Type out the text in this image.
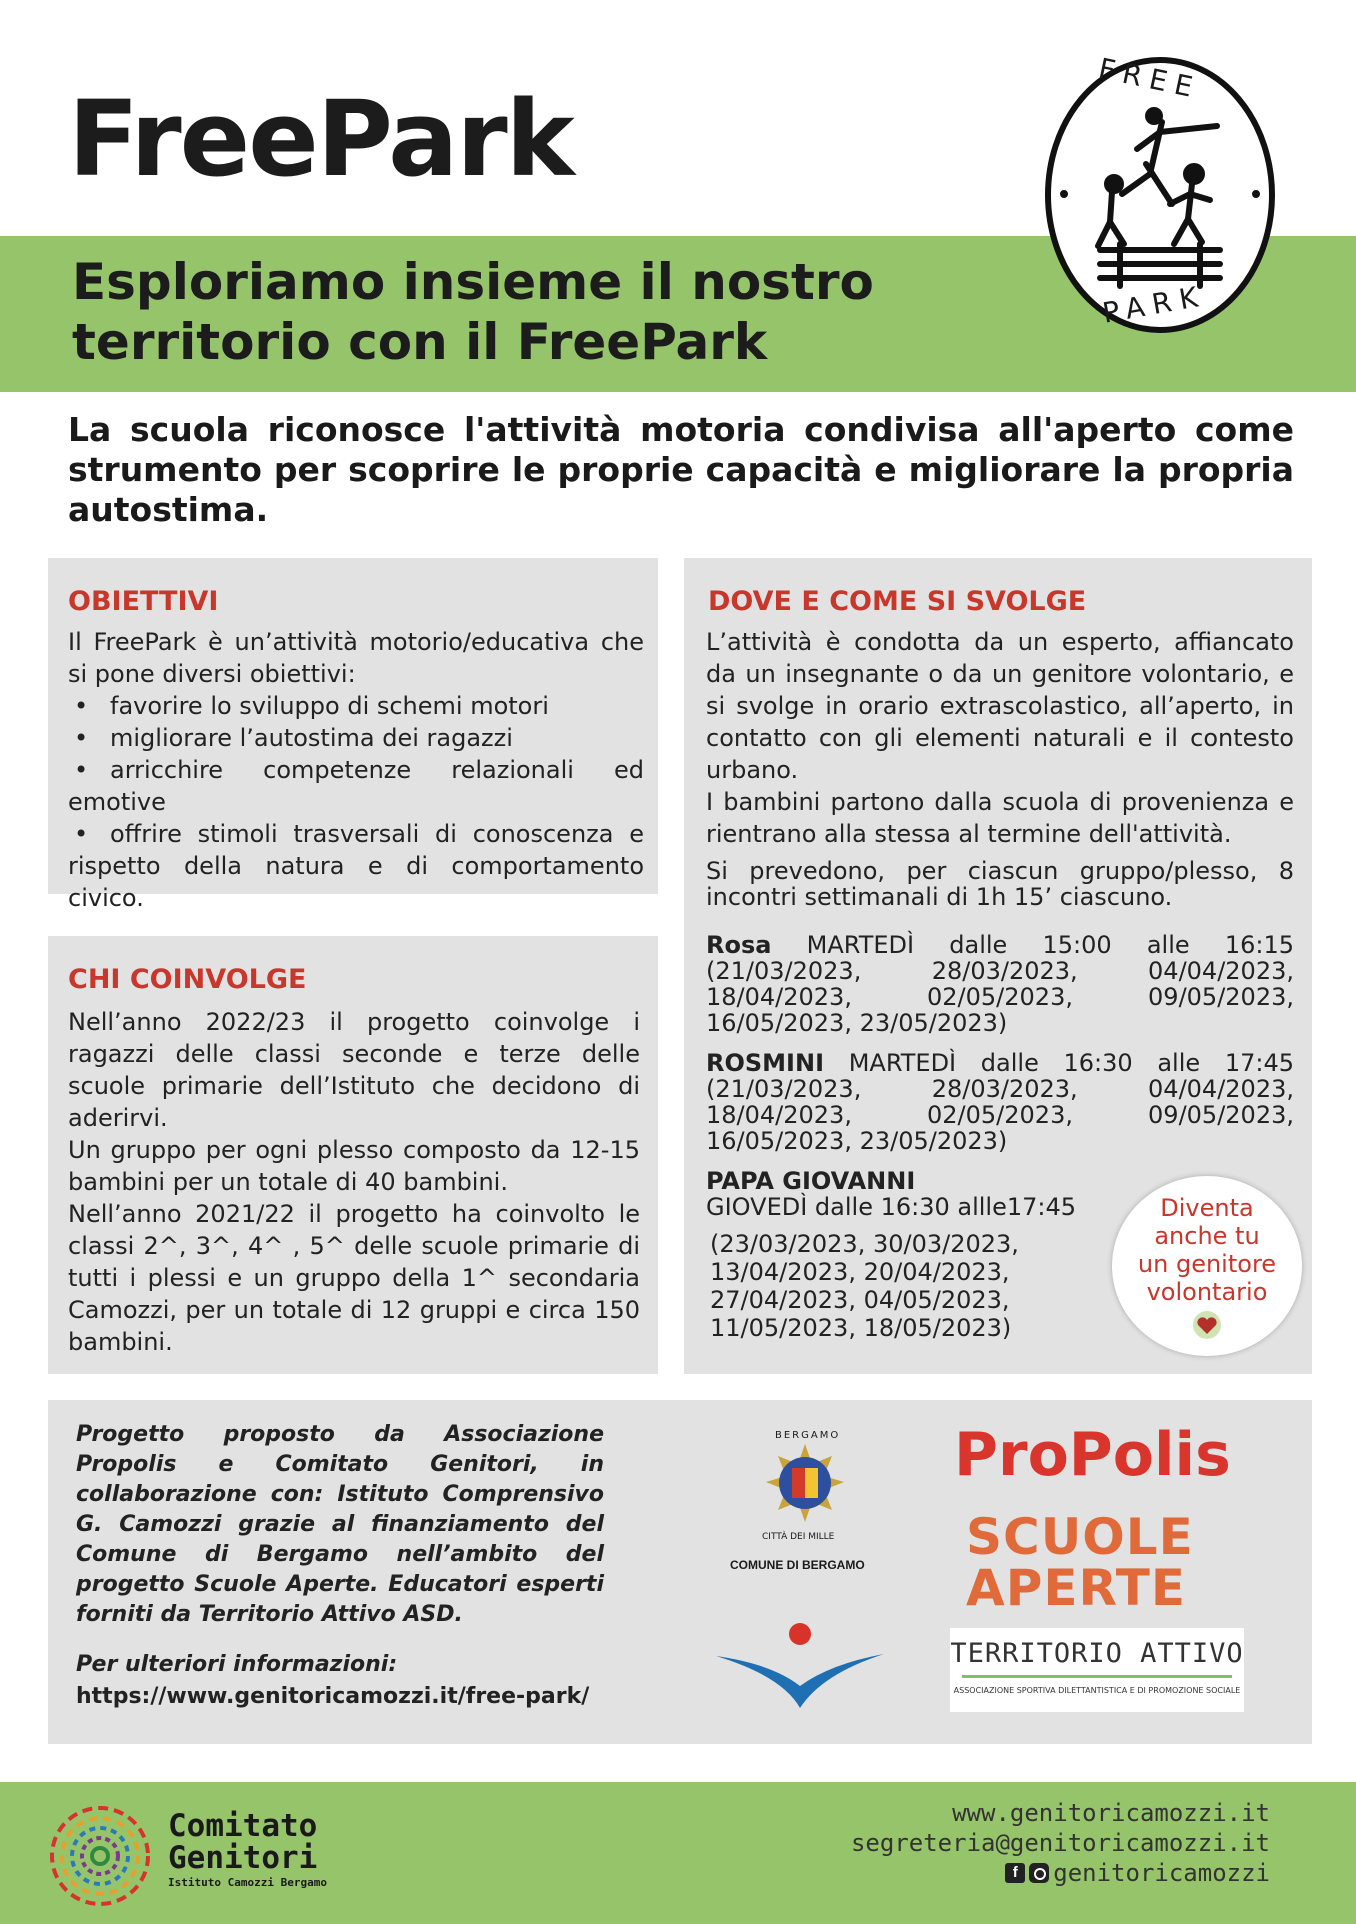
FreePark
Esploriamo insieme il nostro
territorio con il FreePark
FREE
PARK
La scuola riconosce l'attività motoria condivisa all'aperto come strumento per scoprire le proprie capacità e migliorare la propria autostima.
OBIETTIVI

Il FreePark è un’attività motorio/educativa che si pone diversi obiettivi:

• favorire lo sviluppo di schemi motori
• migliorare l’autostima dei ragazzi
• arricchire competenze relazionali ed emotive
• offrire stimoli trasversali di conoscenza e rispetto della natura e di comportamento civico.
CHI COINVOLGE

Nell’anno 2022/23 il progetto coinvolge i ragazzi delle classi seconde e terze delle scuole primarie dell’Istituto che decidono di aderirvi.

Un gruppo per ogni plesso composto da 12-15 bambini per un totale di 40 bambini.

Nell’anno 2021/22 il progetto ha coinvolto le classi 2^, 3^, 4^ , 5^ delle scuole primarie di tutti i plessi e un gruppo della 1^ secondaria Camozzi, per un totale di 12 gruppi e circa 150 bambini.

DOVE E COME SI SVOLGE

L’attività è condotta da un esperto, affiancato da un insegnante o da un genitore volontario, e si svolge in orario extrascolastico, all’aperto, in contatto con gli elementi naturali e il contesto urbano.

I bambini partono dalla scuola di provenienza e rientrano alla stessa al termine dell'attività.

Si prevedono, per ciascun gruppo/plesso, 8 incontri settimanali di 1h 15’ ciascuno.

Rosa MARTEDÌ dalle 15:00 alle 16:15 (21/03/2023, 28/03/2023, 04/04/2023, 18/04/2023, 02/05/2023, 09/05/2023, 16/05/2023, 23/05/2023)
ROSMINI MARTEDÌ dalle 16:30 alle 17:45 (21/03/2023, 28/03/2023, 04/04/2023, 18/04/2023, 02/05/2023, 09/05/2023, 16/05/2023, 23/05/2023)
PAPA GIOVANNI
GIOVEDÌ dalle 16:30 allle17:45
(23/03/2023, 30/03/2023,
13/04/2023, 20/04/2023,
27/04/2023, 04/05/2023,
11/05/2023, 18/05/2023)
Diventa
anche tu
un genitore
volontario
Progetto proposto da Associazione Propolis e Comitato Genitori, in collaborazione con: Istituto Comprensivo G. Camozzi grazie al finanziamento del Comune di Bergamo nell’ambito del progetto Scuole Aperte. Educatori esperti forniti da Territorio Attivo ASD.
Per ulteriori informazioni:
https://www.genitoricamozzi.it/free-park/
BERGAMO
CITTÀ DEI MILLE
COMUNE DI BERGAMO
ProPolis
SCUOLE
APERTE
TERRITORIO ATTIVO
ASSOCIAZIONE SPORTIVA DILETTANTISTICA E DI PROMOZIONE SOCIALE
Comitato
Genitori
Istituto Camozzi Bergamo
www.genitoricamozzi.it
segreteria@genitoricamozzi.it
f	genitoricamozzi
